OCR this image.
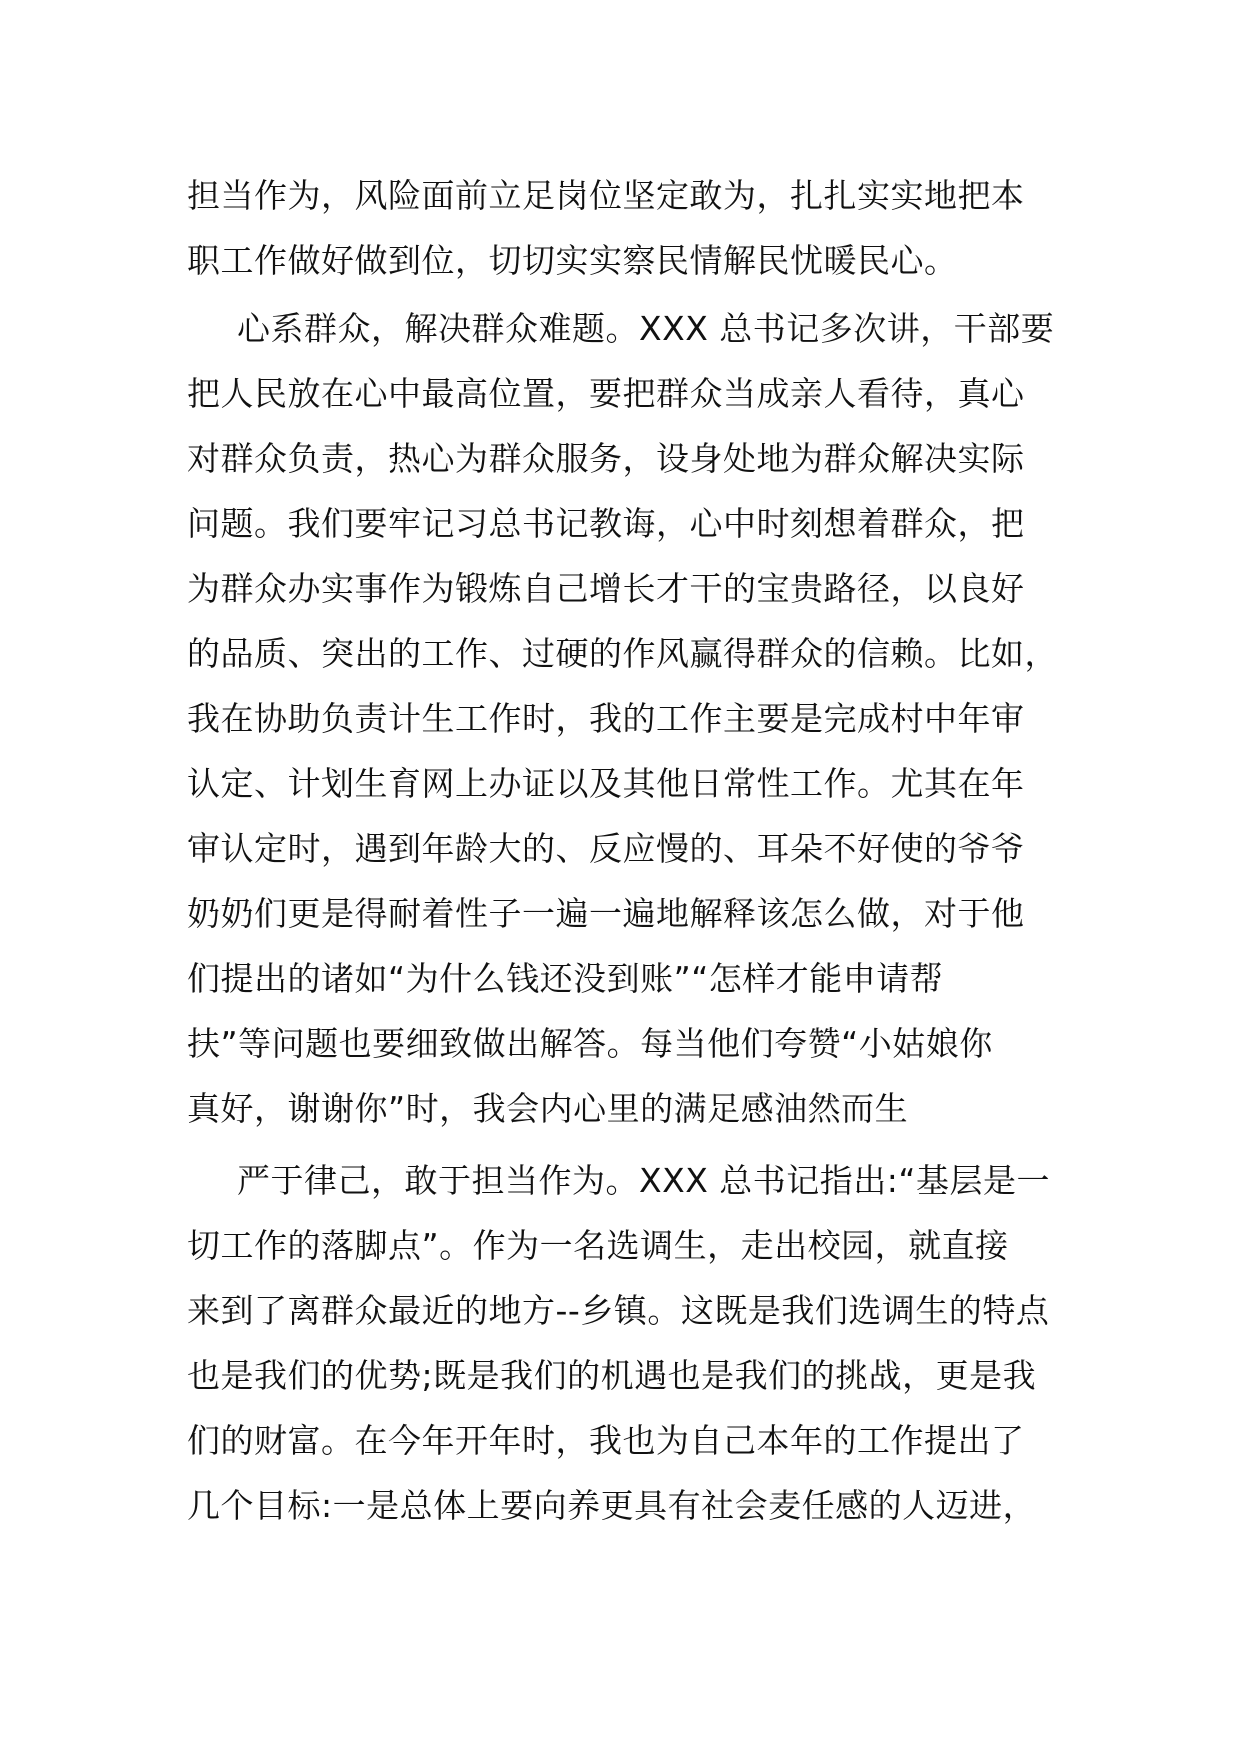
担当作为，风险面前立足岗位坚定敢为，扎扎实实地把本
职工作做好做到位，切切实实察民情解民忧暖民心。
心系群众，解决群众难题。XXX 总书记多次讲，干部要
把人民放在心中最高位置，要把群众当成亲人看待，真心
对群众负责，热心为群众服务，设身处地为群众解决实际
问题。我们要牢记习总书记教诲，心中时刻想着群众，把
为群众办实事作为锻炼自己增长才干的宝贵路径，以良好
的品质、突出的工作、过硬的作风赢得群众的信赖。比如，
我在协助负责计生工作时，我的工作主要是完成村中年审
认定、计划生育网上办证以及其他日常性工作。尤其在年
审认定时，遇到年龄大的、反应慢的、耳朵不好使的爷爷
奶奶们更是得耐着性子一遍一遍地解释该怎么做，对于他
们提出的诸如“为什么钱还没到账”“怎样才能申请帮
扶”等问题也要细致做出解答。每当他们夸赞“小姑娘你
真好，谢谢你”时，我会内心里的满足感油然而生
严于律己，敢于担当作为。XXX 总书记指出:“基层是一
切工作的落脚点”。作为一名选调生，走出校园，就直接
来到了离群众最近的地方--乡镇。这既是我们选调生的特点
也是我们的优势;既是我们的机遇也是我们的挑战，更是我
们的财富。在今年开年时，我也为自己本年的工作提出了
几个目标:一是总体上要向养更具有社会麦任感的人迈进，
